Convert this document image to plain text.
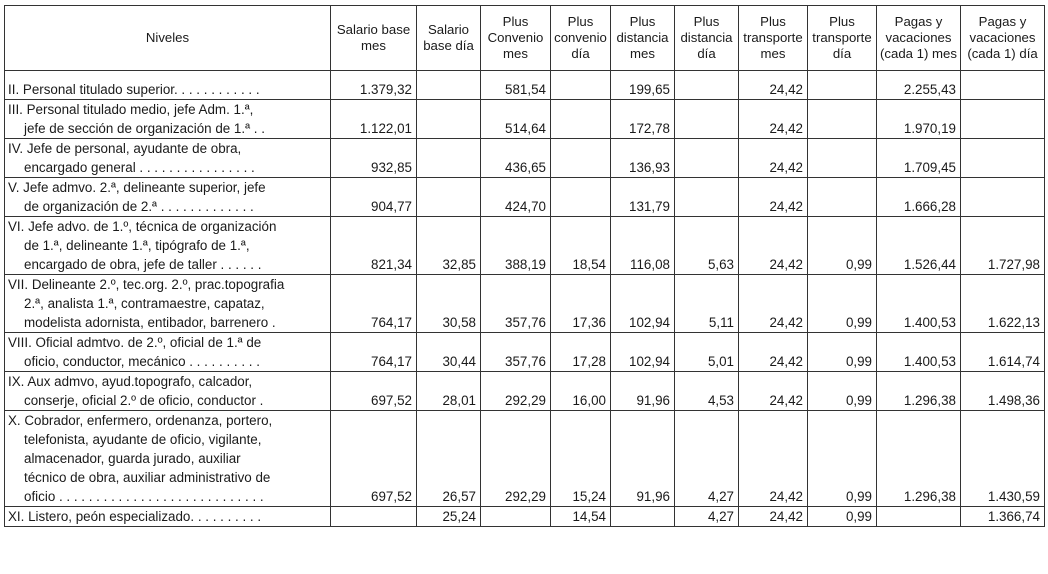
Niveles	Salario base mes	Salario base día	Plus Convenio mes	Plus convenio día	Plus distancia mes	Plus distancia día	Plus transporte mes	Plus transporte día	Pagas y vacaciones (cada 1) mes	Pagas y vacaciones (cada 1) día

II. Personal titulado superior. . . . . . . . . . . .	1.379,32		581,54		199,65		24,42		2.255,43	

III. Personal titulado medio, jefe Adm. 1.ª,
jefe de sección de organización de 1.ª . .	1.122,01		514,64		172,78		24,42		1.970,19	

IV. Jefe de personal, ayudante de obra,
encargado general . . . . . . . . . . . . . . . .	932,85		436,65		136,93		24,42		1.709,45	

V. Jefe admvo. 2.ª, delineante superior, jefe
de organización de 2.ª . . . . . . . . . . . . .	904,77		424,70		131,79		24,42		1.666,28	

VI. Jefe advo. de 1.º, técnica de organización
de 1.ª, delineante 1.ª, tipógrafo de 1.ª,
encargado de obra, jefe de taller . . . . . .	821,34	32,85	388,19	18,54	116,08	5,63	24,42	0,99	1.526,44	1.727,98

VII. Delineante 2.º, tec.org. 2.º, prac.topografia
2.ª, analista 1.ª, contramaestre, capataz,
modelista adornista, entibador, barrenero .	764,17	30,58	357,76	17,36	102,94	5,11	24,42	0,99	1.400,53	1.622,13

VIII. Oficial admtvo. de 2.º, oficial de 1.ª de
oficio, conductor, mecánico . . . . . . . . . .	764,17	30,44	357,76	17,28	102,94	5,01	24,42	0,99	1.400,53	1.614,74

IX. Aux admvo, ayud.topografo, calcador,
conserje, oficial 2.º de oficio, conductor .	697,52	28,01	292,29	16,00	91,96	4,53	24,42	0,99	1.296,38	1.498,36

X. Cobrador, enfermero, ordenanza, portero,
telefonista, ayudante de oficio, vigilante,
almacenador, guarda jurado, auxiliar
técnico de obra, auxiliar administrativo de
oficio . . . . . . . . . . . . . . . . . . . . . . . . . . . .	697,52	26,57	292,29	15,24	91,96	4,27	24,42	0,99	1.296,38	1.430,59

XI. Listero, peón especializado. . . . . . . . . .		25,24		14,54		4,27	24,42	0,99		1.366,74
